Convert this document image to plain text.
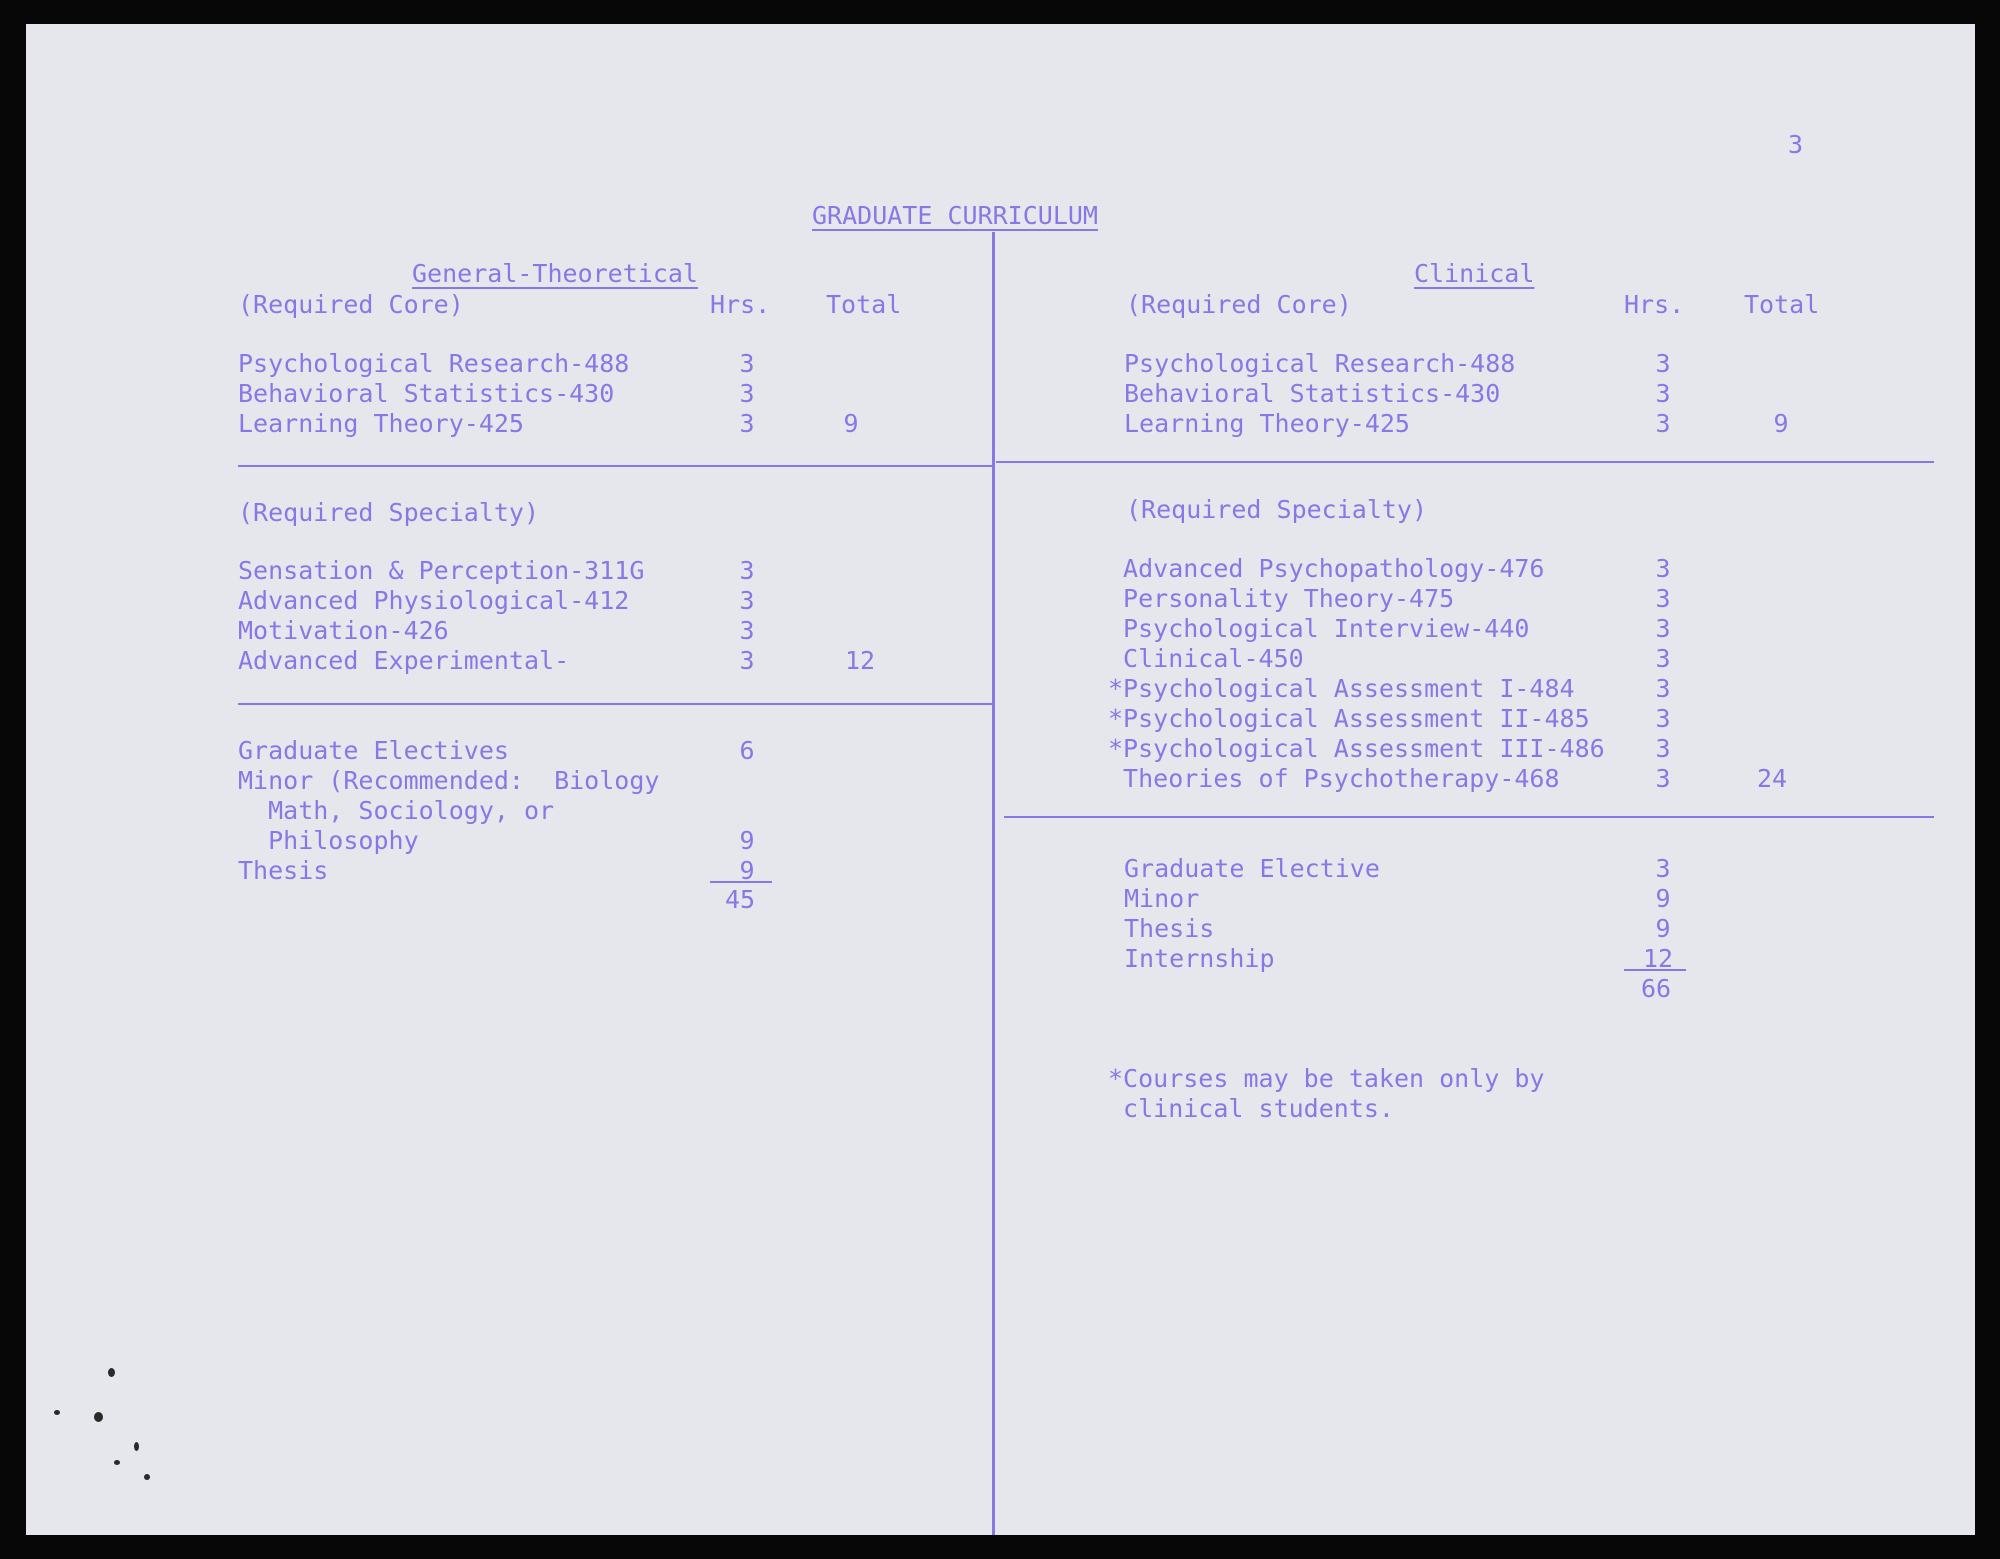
3
GRADUATE CURRICULUM
General-Theoretical
(Required Core)	Hrs. Total
Psychological Research-488	3
Behavioral Statistics-430	3
Learning Theory-425	3	9
(Required Specialty)
Sensation & Perception-311G	3
Advanced Physiological-412	3
Motivation-426	3
Advanced Experimental-	3	12
Graduate Electives	6
Minor (Recommended:  Biology
Math, Sociology, or
Philosophy	9
Thesis	9
45
Clinical
(Required Core)	Hrs. Total
Psychological Research-488	3
Behavioral Statistics-430	3
Learning Theory-425	3	9
(Required Specialty)
Advanced Psychopathology-476	3
Personality Theory-475	3
Psychological Interview-440	3
Clinical-450	3
*Psychological Assessment I-484	3
*Psychological Assessment II-485	3
*Psychological Assessment III-486 3
Theories of Psychotherapy-468	3	24
Graduate Elective	3
Minor	9
Thesis	9
Internship	12
66
*Courses may be taken only by
clinical students.
